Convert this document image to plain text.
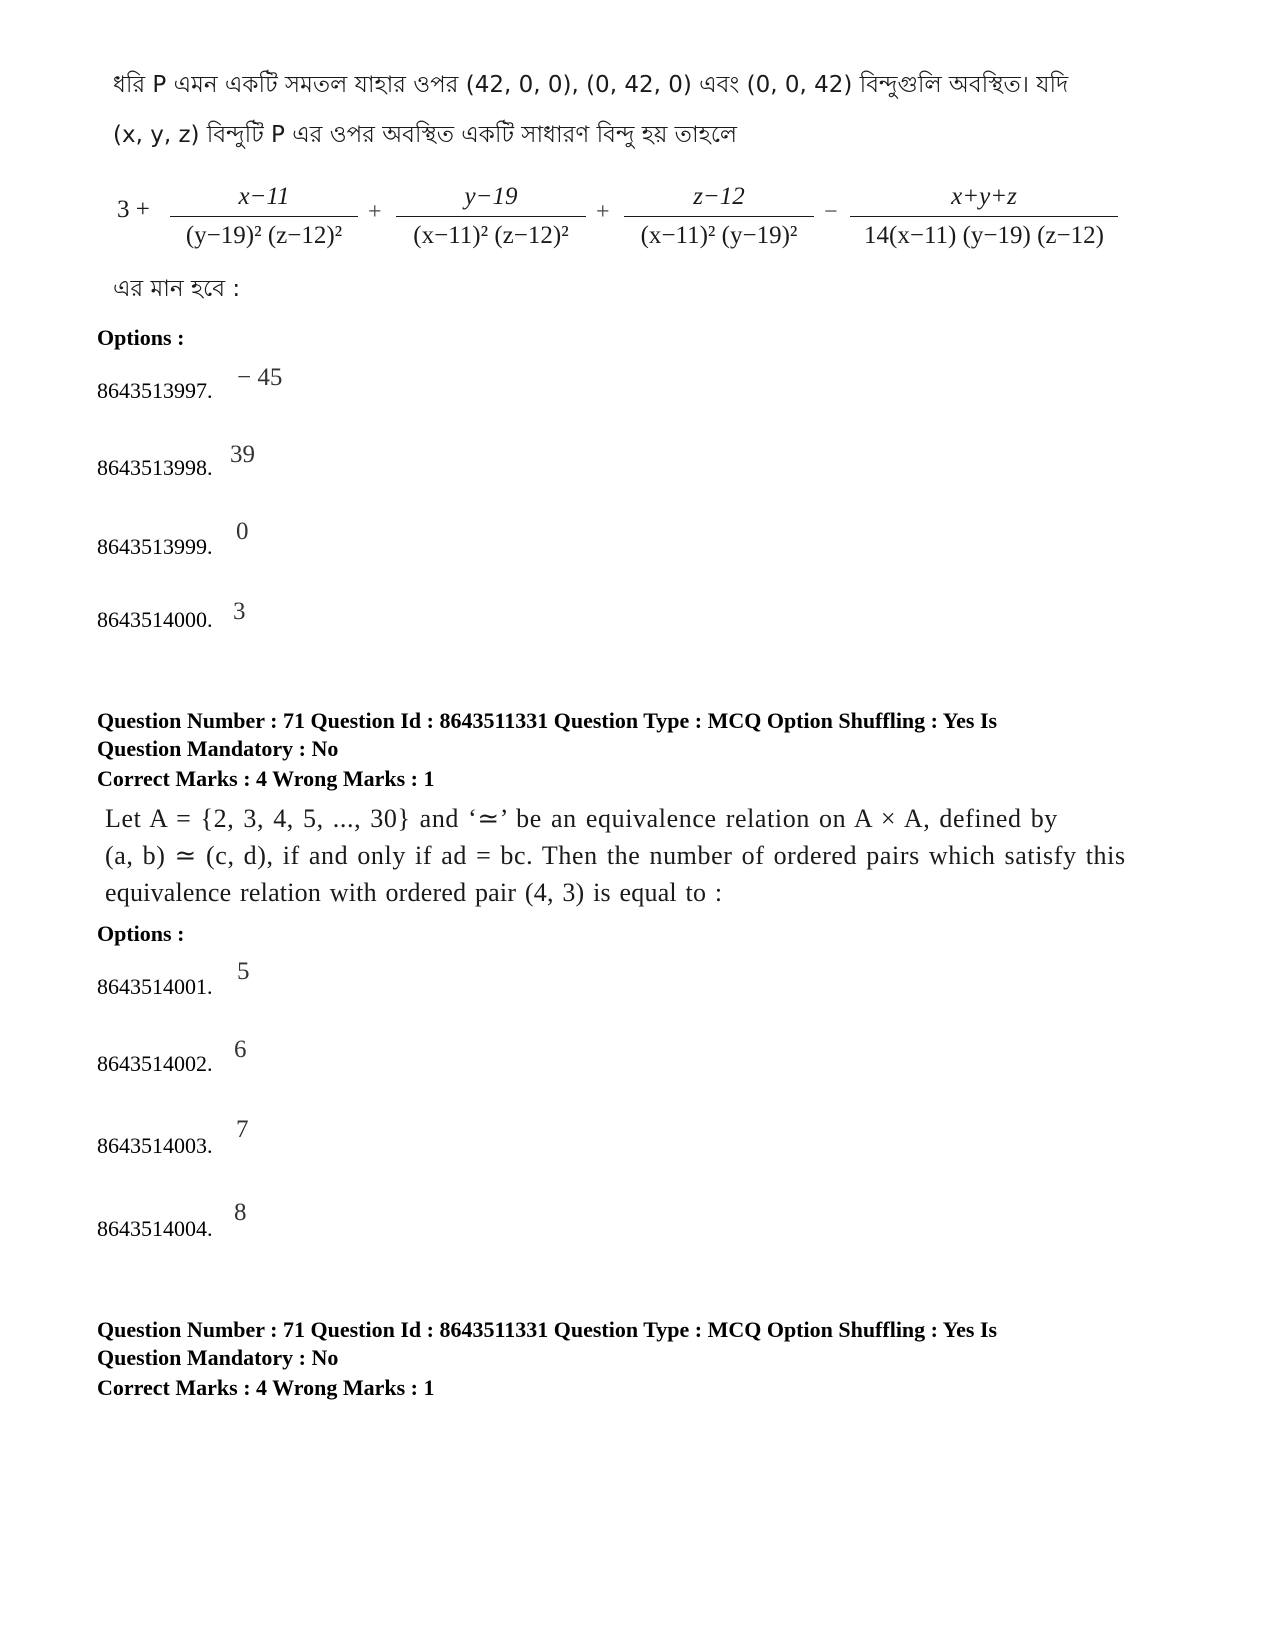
ধরি P এমন একটি সমতল যাহার ওপর (42, 0, 0), (0, 42, 0) এবং (0, 0, 42) বিন্দুগুলি অবস্থিত। যদি
(x, y, z) বিন্দুটি P এর ওপর অবস্থিত একটি সাধারণ বিন্দু হয় তাহলে
3 +	x−11
(y−19)² (z−12)²
+
y−19
(x−11)² (z−12)²
+
z−12
(x−11)² (y−19)²
−
x+y+z
14(x−11) (y−19) (z−12)
এর মান হবে :
Options :
8643513997. − 45
8643513998. 39
8643513999.
0
8643514000. 3
Question Number : 71 Question Id : 8643511331 Question Type : MCQ Option Shuffling : Yes Is
Question Mandatory : No
Correct Marks : 4 Wrong Marks : 1
Let A = {2, 3, 4, 5, ..., 30} and ‘≃’ be an equivalence relation on A × A, defined by
(a, b) ≃ (c, d), if and only if ad = bc. Then the number of ordered pairs which satisfy this
equivalence relation with ordered pair (4, 3) is equal to :
Options :
8643514001.
5
8643514002.
6
8643514003.
7
8643514004.
8
Question Number : 71 Question Id : 8643511331 Question Type : MCQ Option Shuffling : Yes Is
Question Mandatory : No
Correct Marks : 4 Wrong Marks : 1
